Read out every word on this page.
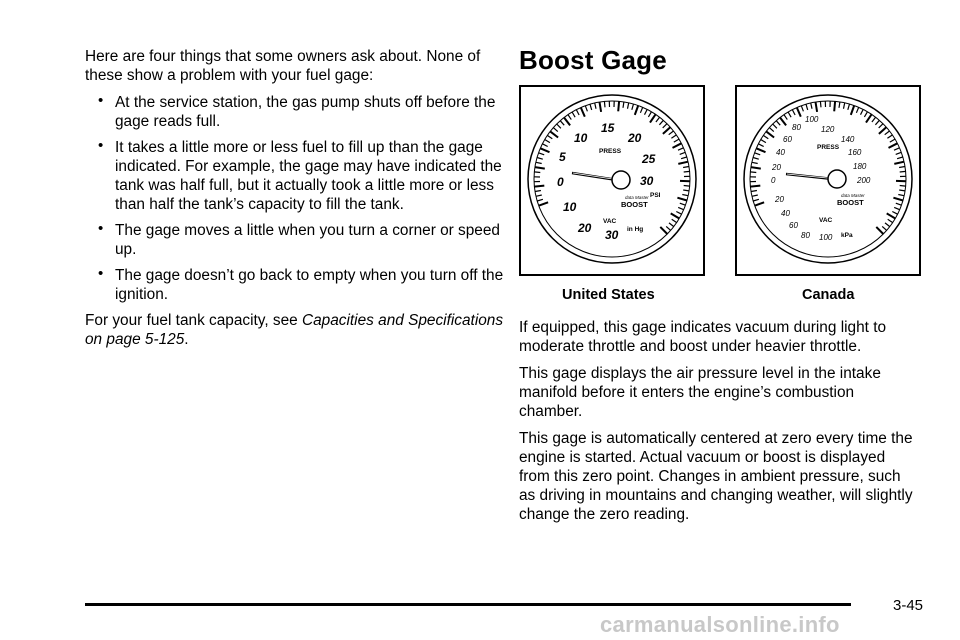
Here are four things that some owners ask about. None of these show a problem with your fuel gage:

• At the service station, the gas pump shuts off before the gage reads full.
• It takes a little more or less fuel to fill up than the gage indicated. For example, the gage may have indicated the tank was half full, but it actually took a little more or less than half the tank’s capacity to fill the tank.
• The gage moves a little when you turn a corner or speed up.
• The gage doesn’t go back to empty when you turn off the ignition.

For your fuel tank capacity, see Capacities and Specifications on page 5-125.

Boost Gage
0
5
10
15
20
25
30
10
20 30
PRESS
PSI
data Master
BOOST
VAC
in Hg
United States
0
20
40
60
80
100
120
140
160
180
200
20
40
60
80 100
PRESS
data Master
BOOST
VAC
kPa
Canada

If equipped, this gage indicates vacuum during light to moderate throttle and boost under heavier throttle.

This gage displays the air pressure level in the intake manifold before it enters the engine’s combustion chamber.

This gage is automatically centered at zero every time the engine is started. Actual vacuum or boost is displayed from this zero point. Changes in ambient pressure, such as driving in mountains and changing weather, will slightly change the zero reading.

3-45
carmanualsonline.info
